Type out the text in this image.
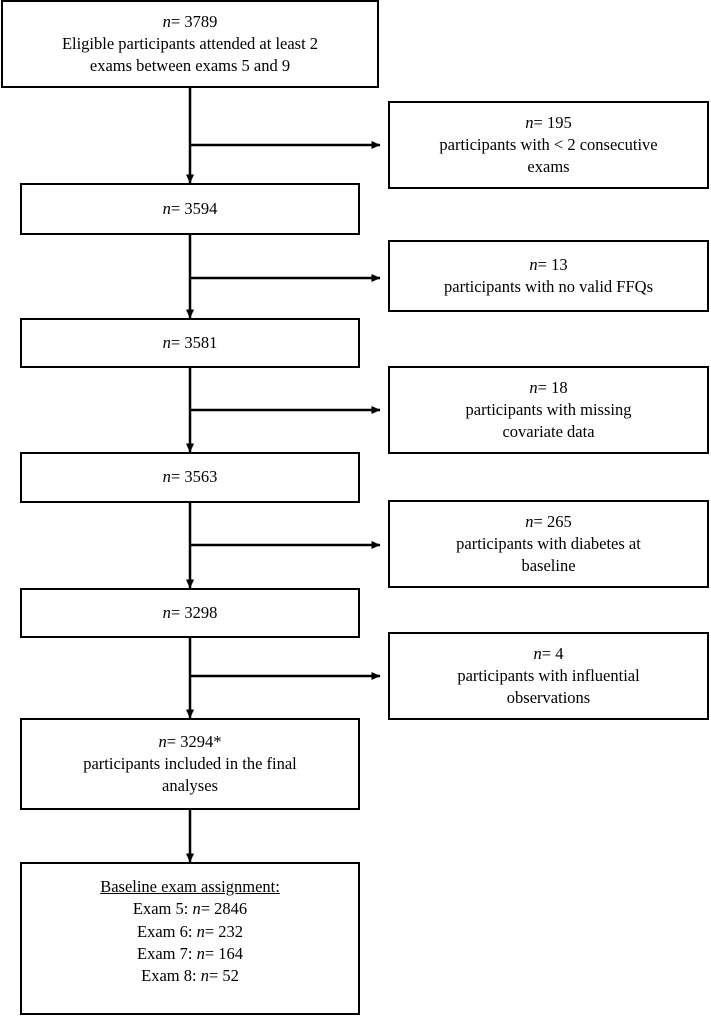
n= 3789
Eligible participants attended at least 2
exams between exams 5 and 9
n= 3594
n= 3581
n= 3563
n= 3298
n= 3294*
participants included in the final
analyses
Baseline exam assignment:
Exam 5: n= 2846
Exam 6: n= 232
Exam 7: n= 164
Exam 8: n= 52
n= 195
participants with < 2 consecutive
exams
n= 13
participants with no valid FFQs
n= 18
participants with missing
covariate data
n= 265
participants with diabetes at
baseline
n= 4
participants with influential
observations
